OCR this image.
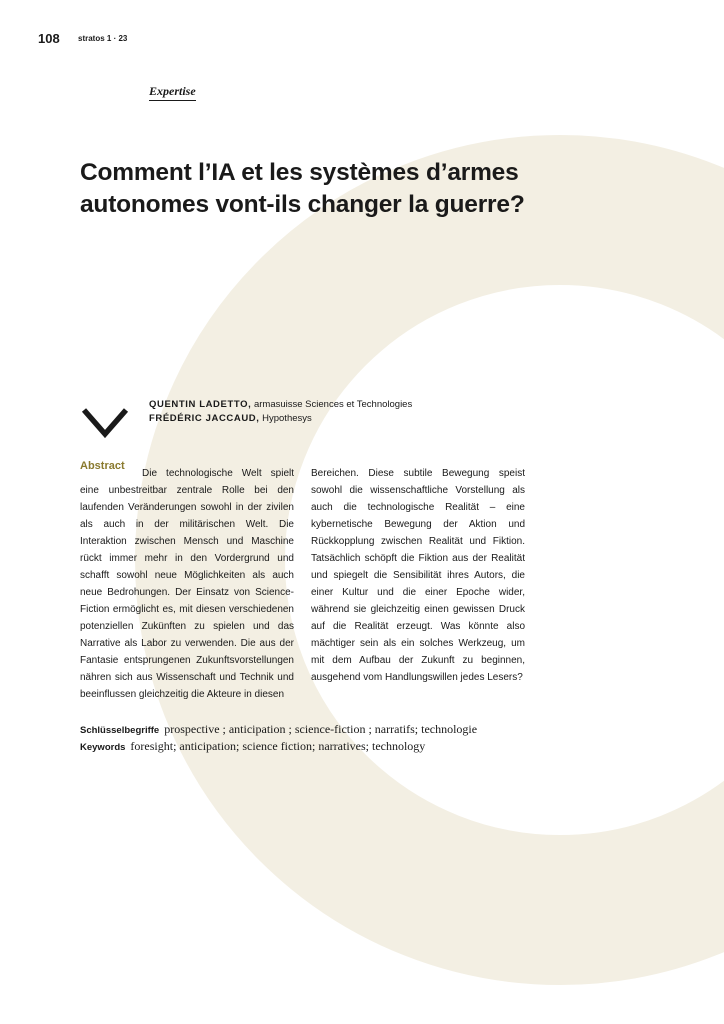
108 stratos 1 · 23
Expertise
Comment l’IA et les systèmes d’armes autonomes vont-ils changer la guerre?
QUENTIN LADETTO, armasuisse Sciences et Technologies
FRÉDÉRIC JACCAUD, Hypothesys
Abstract

Die technologische Welt spielt eine unbestreitbar zentrale Rolle bei den laufenden Veränderungen sowohl in der zivilen als auch in der militärischen Welt. Die Interaktion zwischen Mensch und Maschine rückt immer mehr in den Vordergrund und schafft sowohl neue Möglichkeiten als auch neue Bedrohungen. Der Einsatz von Science-Fiction ermöglicht es, mit diesen verschiedenen potenziellen Zukünften zu spielen und das Narrative als Labor zu verwenden. Die aus der Fantasie entsprungenen Zukunftsvorstellungen nähren sich aus Wissenschaft und Technik und beeinflussen gleichzeitig die Akteure in diesen

Bereichen. Diese subtile Bewegung speist sowohl die wissenschaftliche Vorstellung als auch die technologische Realität – eine kybernetische Bewegung der Aktion und Rückkopplung zwischen Realität und Fiktion. Tatsächlich schöpft die Fiktion aus der Realität und spiegelt die Sensibilität ihres Autors, die einer Kultur und die einer Epoche wider, während sie gleichzeitig einen gewissen Druck auf die Realität erzeugt. Was könnte also mächtiger sein als ein solches Werkzeug, um mit dem Aufbau der Zukunft zu beginnen, ausgehend vom Handlungswillen jedes Lesers?

Schlüsselbegriffe prospective ; anticipation ; science-fiction ; narratifs; technologie
Keywords foresight; anticipation; science fiction; narratives; technology
